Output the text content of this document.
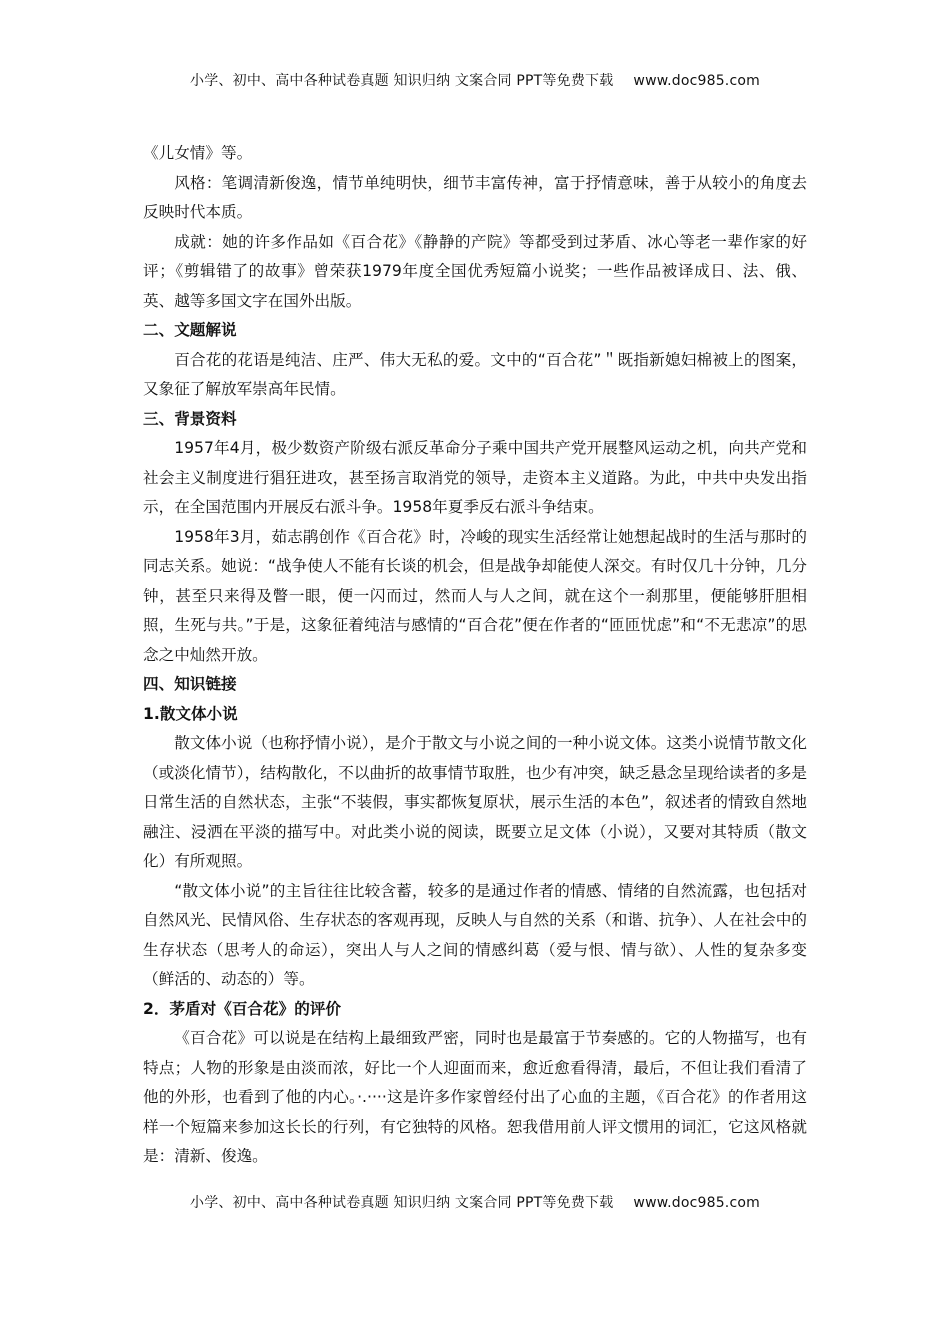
小学、初中、高中各种试卷真题 知识归纳 文案合同 PPT等免费下载 www.doc985.com

《儿女情》等。

风格：笔调清新俊逸，情节单纯明快，细节丰富传神，富于抒情意味，善于从较小的角度去反映时代本质。

成就：她的许多作品如《百合花》《静静的产院》等都受到过茅盾、冰心等老一辈作家的好评；《剪辑错了的故事》曾荣获1979年度全国优秀短篇小说奖；一些作品被译成日、法、俄、英、越等多国文字在国外出版。

二、文题解说

百合花的花语是纯洁、庄严、伟大无私的爱。文中的“百合花”＂既指新媳妇棉被上的图案，又象征了解放军崇高年民情。

三、背景资料

1957年4月，极少数资产阶级右派反革命分子乘中国共产党开展整风运动之机，向共产党和社会主义制度进行猖狂进攻，甚至扬言取消党的领导，走资本主义道路。为此，中共中央发出指示，在全国范围内开展反右派斗争。1958年夏季反右派斗争结束。

1958年3月，茹志鹃创作《百合花》时，冷峻的现实生活经常让她想起战时的生活与那时的同志关系。她说：“战争使人不能有长谈的机会，但是战争却能使人深交。有时仅几十分钟，几分钟，甚至只来得及瞥一眼，便一闪而过，然而人与人之间，就在这个一刹那里，便能够肝胆相照，生死与共。”于是，这象征着纯洁与感情的“百合花”便在作者的“匝匝忧虑”和“不无悲凉”的思念之中灿然开放。

四、知识链接

1.散文体小说

散文体小说（也称抒情小说），是介于散文与小说之间的一种小说文体。这类小说情节散文化（或淡化情节），结构散化，不以曲折的故事情节取胜，也少有冲突，缺乏悬念呈现给读者的多是日常生活的自然状态，主张“不装假，事实都恢复原状，展示生活的本色”，叙述者的情致自然地融注、浸洒在平淡的描写中。对此类小说的阅读，既要立足文体（小说），又要对其特质（散文化）有所观照。

“散文体小说”的主旨往往比较含蓄，较多的是通过作者的情感、情绪的自然流露，也包括对自然风光、民情风俗、生存状态的客观再现，反映人与自然的关系（和谐、抗争）、人在社会中的生存状态（思考人的命运），突出人与人之间的情感纠葛（爱与恨、情与欲）、人性的复杂多变（鲜活的、动态的）等。

2．茅盾对《百合花》的评价

《百合花》可以说是在结构上最细致严密，同时也是最富于节奏感的。它的人物描写，也有特点；人物的形象是由淡而浓，好比一个人迎面而来，愈近愈看得清，最后，不但让我们看清了他的外形，也看到了他的内心。·.····这是许多作家曾经付出了心血的主题，《百合花》的作者用这样一个短篇来参加这长长的行列，有它独特的风格。恕我借用前人评文惯用的词汇，它这风格就是：清新、俊逸。

小学、初中、高中各种试卷真题 知识归纳 文案合同 PPT等免费下载 www.doc985.com
